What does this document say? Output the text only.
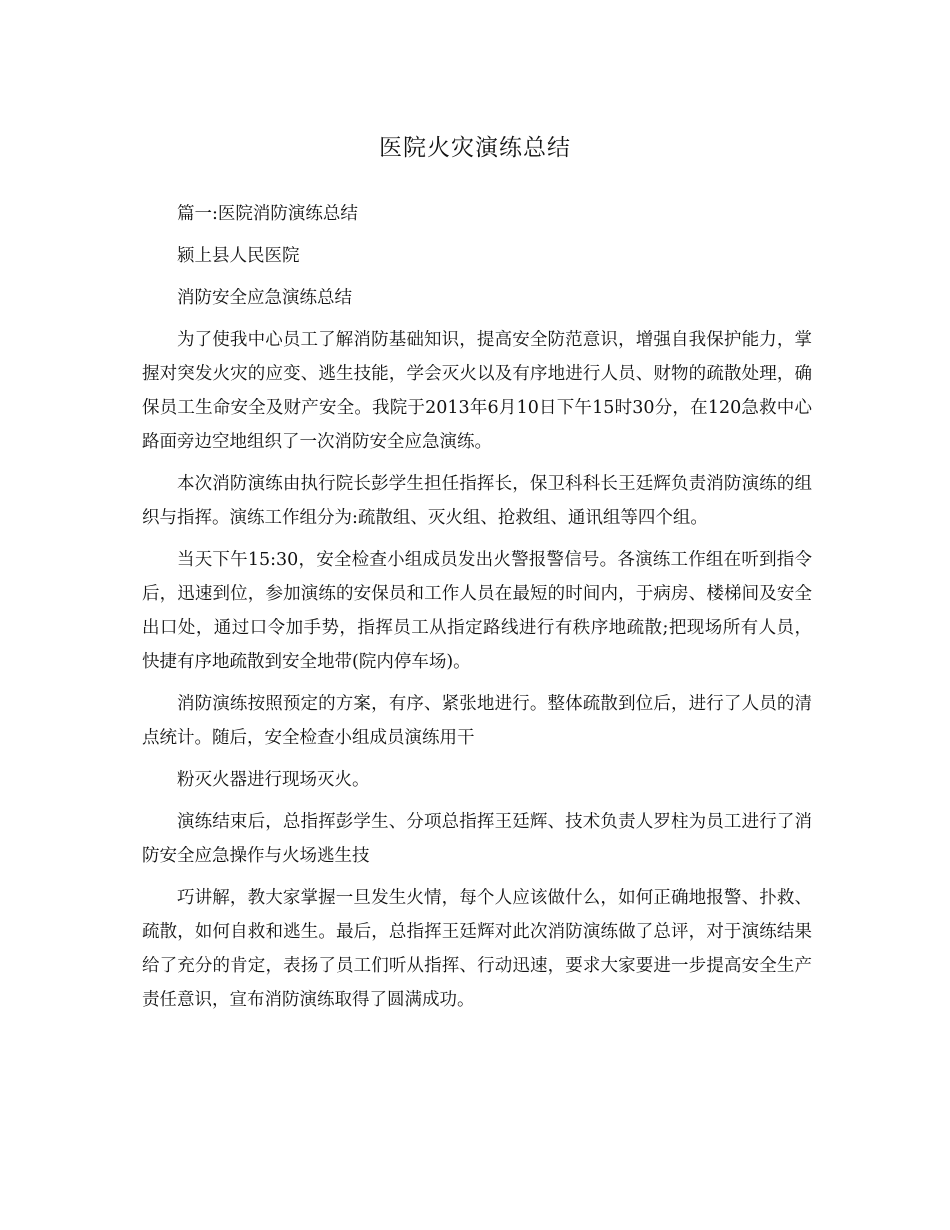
医院火灾演练总结

篇一:医院消防演练总结

颍上县人民医院

消防安全应急演练总结

为了使我中心员工了解消防基础知识，提高安全防范意识，增强自我保护能力，掌握对突发火灾的应变、逃生技能，学会灭火以及有序地进行人员、财物的疏散处理，确保员工生命安全及财产安全。我院于2013年6月10日下午15时30分，在120急救中心路面旁边空地组织了一次消防安全应急演练。

本次消防演练由执行院长彭学生担任指挥长，保卫科科长王廷辉负责消防演练的组织与指挥。演练工作组分为:疏散组、灭火组、抢救组、通讯组等四个组。

当天下午15:30，安全检查小组成员发出火警报警信号。各演练工作组在听到指令后，迅速到位，参加演练的安保员和工作人员在最短的时间内，于病房、楼梯间及安全出口处，通过口令加手势，指挥员工从指定路线进行有秩序地疏散;把现场所有人员，快捷有序地疏散到安全地带(院内停车场)。

消防演练按照预定的方案，有序、紧张地进行。整体疏散到位后，进行了人员的清点统计。随后，安全检查小组成员演练用干

粉灭火器进行现场灭火。

演练结束后，总指挥彭学生、分项总指挥王廷辉、技术负责人罗柱为员工进行了消防安全应急操作与火场逃生技

巧讲解，教大家掌握一旦发生火情，每个人应该做什么，如何正确地报警、扑救、疏散，如何自救和逃生。最后，总指挥王廷辉对此次消防演练做了总评，对于演练结果给了充分的肯定，表扬了员工们听从指挥、行动迅速，要求大家要进一步提高安全生产责任意识，宣布消防演练取得了圆满成功。
